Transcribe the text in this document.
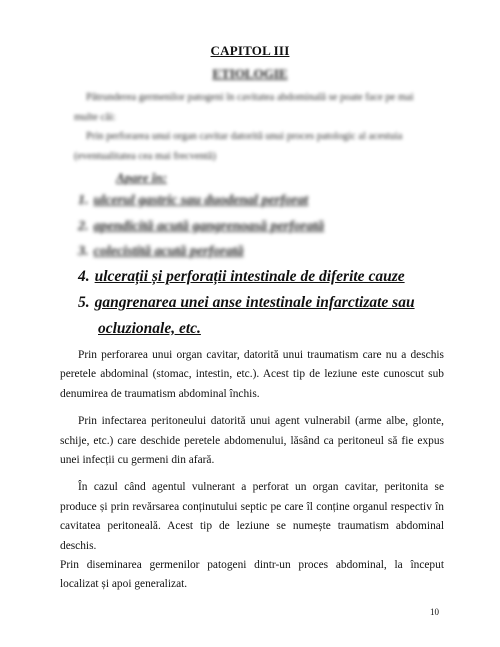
CAPITOL III
ETIOLOGIE
Pătrunderea germenilor patogeni în cavitatea abdominală se poate face pe mai multe căi:
Prin perforarea unui organ cavitar datorită unui proces patologic al acestuia (eventualitatea cea mai frecventă)
Apare în:
1. ulcerul gastric sau duodenal perforat
2. apendicită acută gangrenoasă perforată
3. colecistită acută perforată
4. ulcerații și perforații intestinale de diferite cauze
5. gangrenarea unei anse intestinale infarctizate sau
ocluzionale, etc.

Prin perforarea unui organ cavitar, datorită unui traumatism care nu a deschis peretele abdominal (stomac, intestin, etc.). Acest tip de leziune este cunoscut sub denumirea de traumatism abdominal închis.

Prin infectarea peritoneului datorită unui agent vulnerabil (arme albe, glonte, schije, etc.) care deschide peretele abdomenului, lăsând ca peritoneul să fie expus unei infecții cu germeni din afară.

În cazul când agentul vulnerant a perforat un organ cavitar, peritonita se produce și prin revărsarea conținutului septic pe care îl conține organul respectiv în cavitatea peritoneală. Acest tip de leziune se numește traumatism abdominal deschis.

Prin diseminarea germenilor patogeni dintr-un proces abdominal, la început localizat și apoi generalizat.

10
